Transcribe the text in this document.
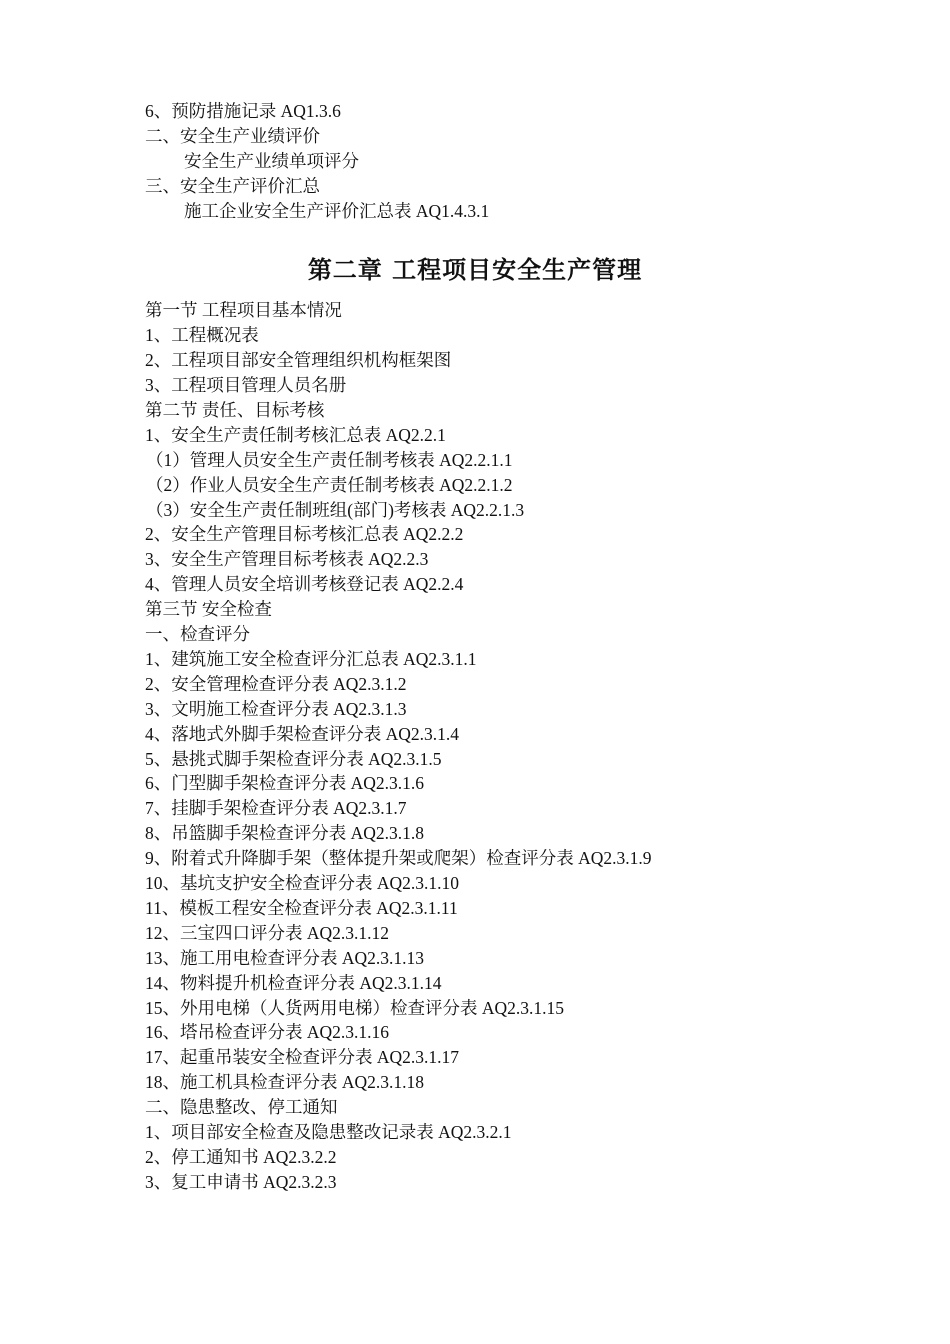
6、预防措施记录 AQ1.3.6
二、安全生产业绩评价
安全生产业绩单项评分
三、安全生产评价汇总
施工企业安全生产评价汇总表 AQ1.4.3.1
第二章 工程项目安全生产管理
第一节 工程项目基本情况
1、工程概况表
2、工程项目部安全管理组织机构框架图
3、工程项目管理人员名册
第二节 责任、目标考核
1、安全生产责任制考核汇总表 AQ2.2.1
（1）管理人员安全生产责任制考核表 AQ2.2.1.1
（2）作业人员安全生产责任制考核表 AQ2.2.1.2
（3）安全生产责任制班组(部门)考核表 AQ2.2.1.3
2、安全生产管理目标考核汇总表 AQ2.2.2
3、安全生产管理目标考核表 AQ2.2.3
4、管理人员安全培训考核登记表 AQ2.2.4
第三节 安全检查
一、检查评分
1、建筑施工安全检查评分汇总表 AQ2.3.1.1
2、安全管理检查评分表 AQ2.3.1.2
3、文明施工检查评分表 AQ2.3.1.3
4、落地式外脚手架检查评分表 AQ2.3.1.4
5、悬挑式脚手架检查评分表 AQ2.3.1.5
6、门型脚手架检查评分表 AQ2.3.1.6
7、挂脚手架检查评分表 AQ2.3.1.7
8、吊篮脚手架检查评分表 AQ2.3.1.8
9、附着式升降脚手架（整体提升架或爬架）检查评分表 AQ2.3.1.9
10、基坑支护安全检查评分表 AQ2.3.1.10
11、模板工程安全检查评分表 AQ2.3.1.11
12、三宝四口评分表 AQ2.3.1.12
13、施工用电检查评分表 AQ2.3.1.13
14、物料提升机检查评分表 AQ2.3.1.14
15、外用电梯（人货两用电梯）检查评分表 AQ2.3.1.15
16、塔吊检查评分表 AQ2.3.1.16
17、起重吊装安全检查评分表 AQ2.3.1.17
18、施工机具检查评分表 AQ2.3.1.18
二、隐患整改、停工通知
1、项目部安全检查及隐患整改记录表 AQ2.3.2.1
2、停工通知书 AQ2.3.2.2
3、复工申请书 AQ2.3.2.3
